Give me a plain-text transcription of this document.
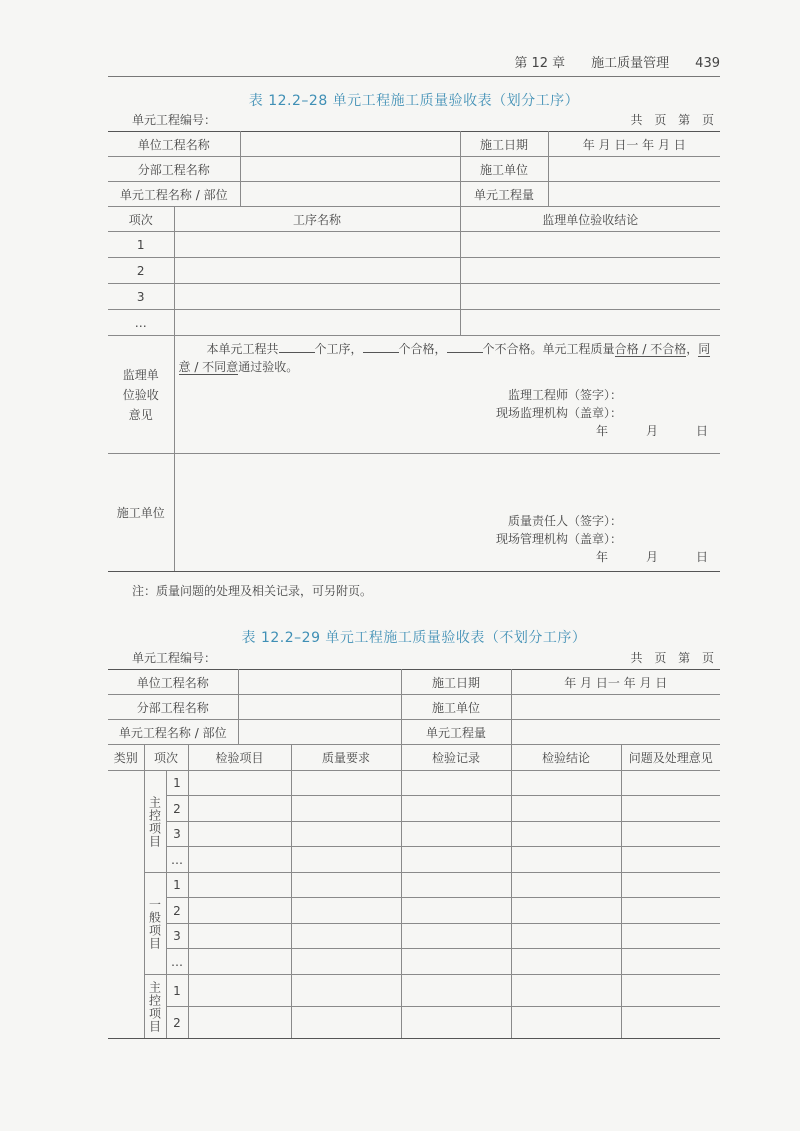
第 12 章 施工质量管理 439
表 12.2–28 单元工程施工质量验收表（划分工序）
单元工程编号：	共 页 第 页
单位工程名称			施工日期	年 月 日一 年 月 日
分部工程名称			施工单位	
单元工程名称 / 部位			单元工程量	
项次	工序名称		监理单位验收结论	
1				
2				
3				
…				
监理单位验收意见	本单元工程共 个工序， 个合格， 个不合格。单元工程质量合格 / 不合格，同意 / 不同意通过验收。
监理工程师（签字）：
现场监理机构（盖章）：
年 月 日			

施工单位	质量责任人（签字）：
现场管理机构（盖章）：
年 月 日			
注：质量问题的处理及相关记录，可另附页。
表 12.2–29 单元工程施工质量验收表（不划分工序）
单元工程编号：	共 页 第 页
单位工程名称						施工日期	年 月 日一 年 月 日	
分部工程名称						施工单位		
单元工程名称 / 部位						单元工程量		
类别	项次		检验项目		质量要求	检验记录	检验结论	问题及处理意见

	主控项目	1						
		2						
		3						
		…						

	一般项目	1						
		2						
		3						
		…						

	主控项目	1						
		2						
